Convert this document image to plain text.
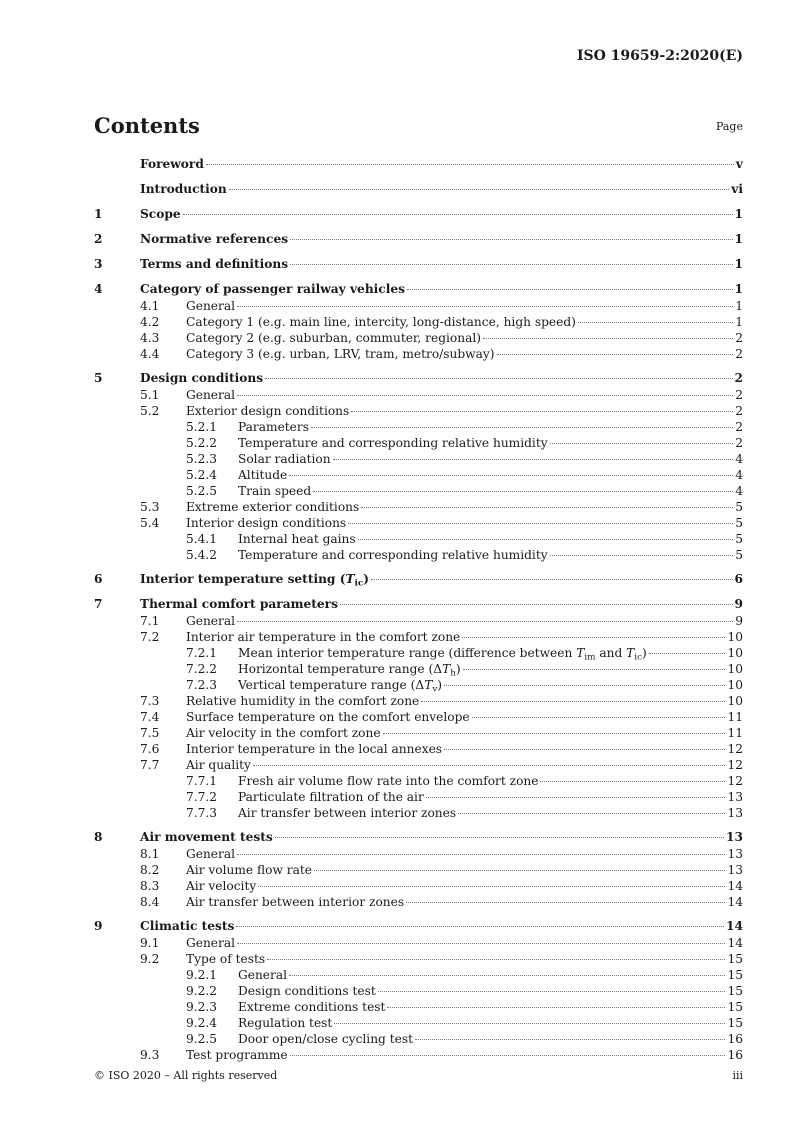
ISO 19659-2:2020(E)
Contents	Page
Foreword	v
Introduction	vi
1	Scope	1
2	Normative references	1
3	Terms and definitions	1
4	Category of passenger railway vehicles	1
4.1	General	1
4.2	Category 1 (e.g. main line, intercity, long-distance, high speed)	1
4.3	Category 2 (e.g. suburban, commuter, regional)	2
4.4	Category 3 (e.g. urban, LRV, tram, metro/subway)	2
5	Design conditions	2
5.1	General	2
5.2	Exterior design conditions	2
5.2.1	Parameters	2
5.2.2	Temperature and corresponding relative humidity	2
5.2.3	Solar radiation	4
5.2.4	Altitude	4
5.2.5	Train speed	4
5.3	Extreme exterior conditions	5
5.4	Interior design conditions	5
5.4.1	Internal heat gains	5
5.4.2	Temperature and corresponding relative humidity	5
6	Interior temperature setting $(T_{ic})$	6
7	Thermal comfort parameters	9
7.1	General	9
7.2	Interior air temperature in the comfort zone	10
7.2.1	Mean interior temperature range (difference between $T_{im}$ and $T_{ic}$)	10
7.2.2	Horizontal temperature range $(\Delta T_h)$	10
7.2.3	Vertical temperature range $(\Delta T_v)$	10
7.3	Relative humidity in the comfort zone	10
7.4	Surface temperature on the comfort envelope	11
7.5	Air velocity in the comfort zone	11
7.6	Interior temperature in the local annexes	12
7.7	Air quality	12
7.7.1	Fresh air volume flow rate into the comfort zone	12
7.7.2	Particulate filtration of the air	13
7.7.3	Air transfer between interior zones	13
8	Air movement tests	13
8.1	General	13
8.2	Air volume flow rate	13
8.3	Air velocity	14
8.4	Air transfer between interior zones	14
9	Climatic tests	14
9.1	General	14
9.2	Type of tests	15
9.2.1	General	15
9.2.2	Design conditions test	15
9.2.3	Extreme conditions test	15
9.2.4	Regulation test	15
9.2.5	Door open/close cycling test	16
9.3	Test programme	16
© ISO 2020 – All rights reserved	iii
